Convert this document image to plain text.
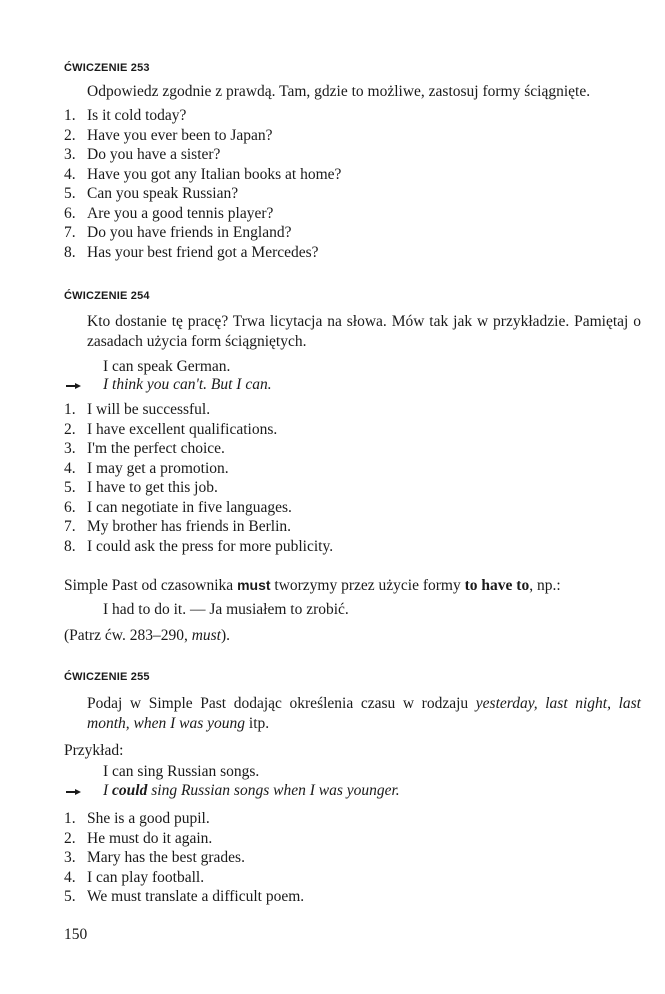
ĆWICZENIE 253

Odpowiedz zgodnie z prawdą. Tam, gdzie to możliwe, zastosuj formy ściągnięte.

1. Is it cold today?
2. Have you ever been to Japan?
3. Do you have a sister?
4. Have you got any Italian books at home?
5. Can you speak Russian?
6. Are you a good tennis player?
7. Do you have friends in England?
8. Has your best friend got a Mercedes?
ĆWICZENIE 254

Kto dostanie tę pracę? Trwa licytacja na słowa. Mów tak jak w przykładzie. Pamiętaj o zasadach użycia form ściągniętych.

I can speak German.
I think you can't. But I can.
1. I will be successful.
2. I have excellent qualifications.
3. I'm the perfect choice.
4. I may get a promotion.
5. I have to get this job.
6. I can negotiate in five languages.
7. My brother has friends in Berlin.
8. I could ask the press for more publicity.

Simple Past od czasownika must tworzymy przez użycie formy to have to, np.:

I had to do it. — Ja musiałem to zrobić.

(Patrz ćw. 283–290, must).

ĆWICZENIE 255

Podaj w Simple Past dodając określenia czasu w rodzaju yesterday, last night, last month, when I was young itp.

Przykład:
I can sing Russian songs.
I could sing Russian songs when I was younger.
1. She is a good pupil.
2. He must do it again.
3. Mary has the best grades.
4. I can play football.
5. We must translate a difficult poem.
150
